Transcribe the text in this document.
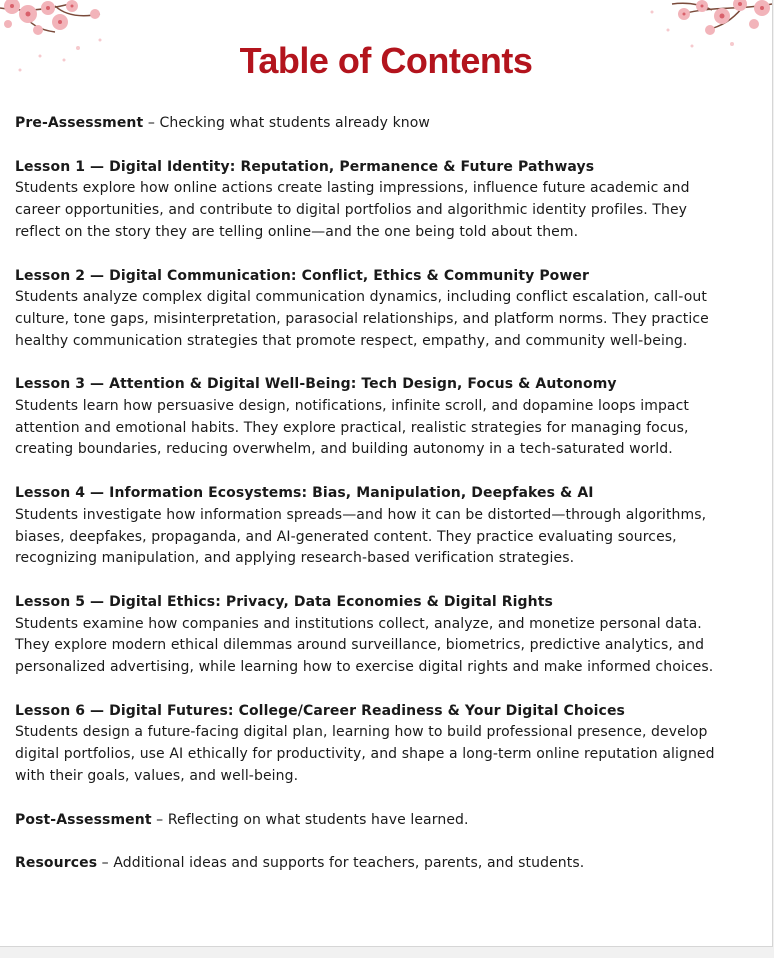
Table of Contents

Pre-Assessment – Checking what students already know

Lesson 1 — Digital Identity: Reputation, Permanence & Future Pathways

Students explore how online actions create lasting impressions, influence future academic and career opportunities, and contribute to digital portfolios and algorithmic identity profiles. They reflect on the story they are telling online—and the one being told about them.

Lesson 2 — Digital Communication: Conflict, Ethics & Community Power

Students analyze complex digital communication dynamics, including conflict escalation, call-out culture, tone gaps, misinterpretation, parasocial relationships, and platform norms. They practice healthy communication strategies that promote respect, empathy, and community well-being.

Lesson 3 — Attention & Digital Well-Being: Tech Design, Focus & Autonomy

Students learn how persuasive design, notifications, infinite scroll, and dopamine loops impact attention and emotional habits. They explore practical, realistic strategies for managing focus, creating boundaries, reducing overwhelm, and building autonomy in a tech-saturated world.

Lesson 4 — Information Ecosystems: Bias, Manipulation, Deepfakes & AI

Students investigate how information spreads—and how it can be distorted—through algorithms, biases, deepfakes, propaganda, and AI-generated content. They practice evaluating sources, recognizing manipulation, and applying research-based verification strategies.

Lesson 5 — Digital Ethics: Privacy, Data Economies & Digital Rights

Students examine how companies and institutions collect, analyze, and monetize personal data. They explore modern ethical dilemmas around surveillance, biometrics, predictive analytics, and personalized advertising, while learning how to exercise digital rights and make informed choices.

Lesson 6 — Digital Futures: College/Career Readiness & Your Digital Choices

Students design a future-facing digital plan, learning how to build professional presence, develop digital portfolios, use AI ethically for productivity, and shape a long-term online reputation aligned with their goals, values, and well-being.

Post-Assessment – Reflecting on what students have learned.

Resources – Additional ideas and supports for teachers, parents, and students.
